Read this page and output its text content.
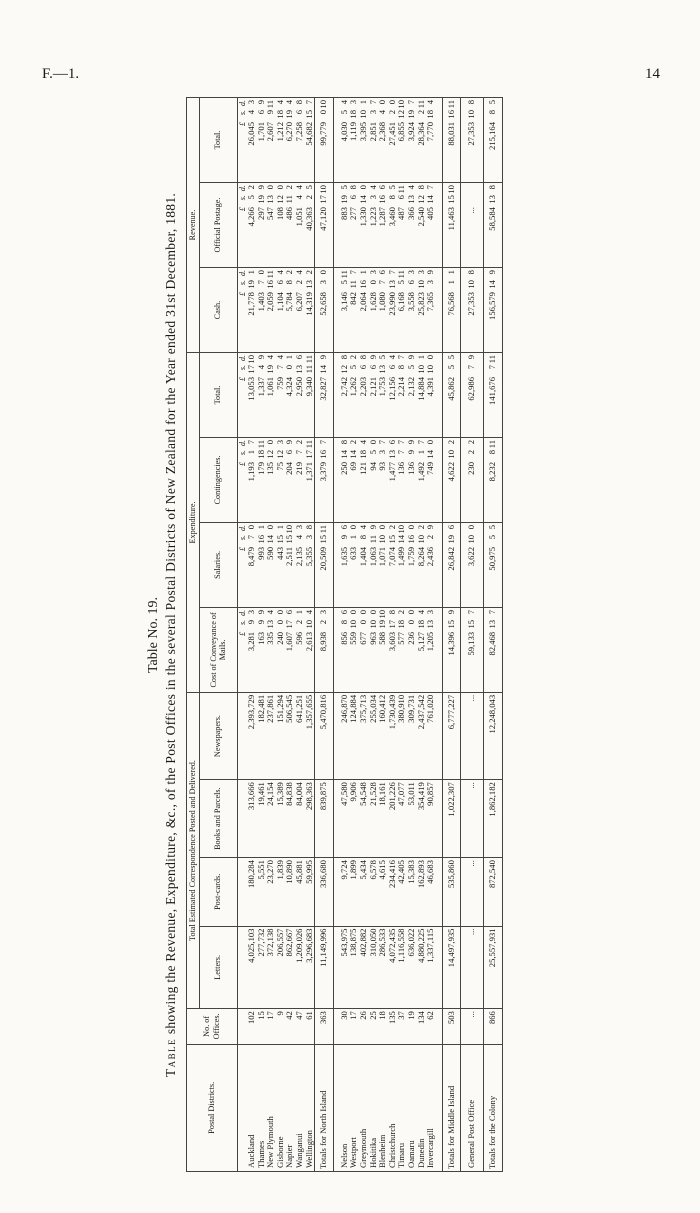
F.—1.	14
Table No. 19.
Table showing the Revenue, Expenditure, &c., of the Post Offices in the several Postal Districts of New Zealand for the Year ended 31st December, 1881.
Postal Districts.	No. of Offices.	Total Estimated Correspondence Posted and Delivered.				Expenditure.				Revenue.		
		Letters.	Post-cards.	Books and Parcels.	Newspapers.	Cost of Conveyance of Mails.	Salaries.	Contingencies.	Total.	Cash.	Official Postage.	Total.
						£s.d.	£s.d.	£s.d.	£s.d.	£s.d.	£s.d.	£s.d.
Auckland	102	4,025,103	180,284	313,666	2,393,729	3,28193	8,47970	1,19317	13,0531710	21,778191	4,26652	26,04543
Thames	15	277,732	5,551	19,461	182,481	16399	993161	1791811	1,33749	1,40370	297199	1,70169
New Plymouth	17	372,138	23,270	24,154	237,861	335134	590140	135120	1,061194	2,0591611	547130	2,607911
Gisborne	9	206,557	1,839	15,389	151,294	24000	443151	75123	75974	1,10464	108120	1,212184
Napier	42	862,667	10,890	84,838	506,545	1,607176	2,5111510	20469	4,32401	5,78482	486112	6,270194
Wanganui	47	1,209,026	45,881	84,004	641,251	59621	2,13543	21972	2,950136	6,20724	1,05144	7,25868
Wellington	61	3,296,683	59,995	298,363	1,357,655	2,613104	5,35538	1,3711711	9,3401111	14,319132	40,36325	54,682157
Totals for North Island	363	11,149,996	336,680	839,875	5,470,816	8,93823	20,5091511	3,379167	32,827149	52,65830	47,1201710	99,779010

Nelson	30	543,975	9,724	47,580	246,870	85686	1,63596	250148	2,742128	3,146511	883195	4,03054
Westport	17	138,875	1,899	9,906	124,884	559100	63310	69142	1,26252	842117	27768	1,119183
Greymouth	26	402,882	5,434	54,548	375,713	67700	1,40484	121184	2,20368	2,064161	1,330140	3,395101
Hokitika	25	310,050	6,578	21,528	255,034	963100	1,063119	9450	2,12169	1,62803	1,22334	2,85137
Blenheim	18	286,533	4,615	18,161	160,412	5881910	1,071100	9337	1,753135	1,08076	1,287166	2,36840
Christchurch	135	4,072,435	234,416	201,226	1,730,439	3,603178	7,074152	1,477136	12,15664	23,990137	3,46085	27,45120
Timaru	37	1,116,558	42,405	47,077	380,910	577182	1,4991410	13677	2,21487	6,168511	487611	6,8551210
Oamaru	19	636,022	15,383	53,011	309,731	23600	1,759160	13699	2,13259	3,55863	366134	3,924197
Dunedin	134	4,880,225	162,893	354,419	2,437,542	5,127184	8,264102	1,49217	14,884101	25,823103	2,540128	28,364211
Invercargill	62	1,337,115	46,683	90,857	761,020	1,205133	2,43629	749140	4,391100	7,36539	405147	7,770184

Totals for Middle Island	503	14,497,935	535,860	1,022,307	6,777,227	14,396159	26,842196	4,622102	45,86255	76,56811	11,4631510	88,0311611

General Post Office	...	...	...	...	...	59,133157	3,622100	23022	62,98679	27,353108	...	27,353108

Totals for the Colony	866	25,557,931	872,540	1,862,182	12,248,043	82,468137	50,97555	8,232811	141,676711	156,579149	58,584138	215,16485
